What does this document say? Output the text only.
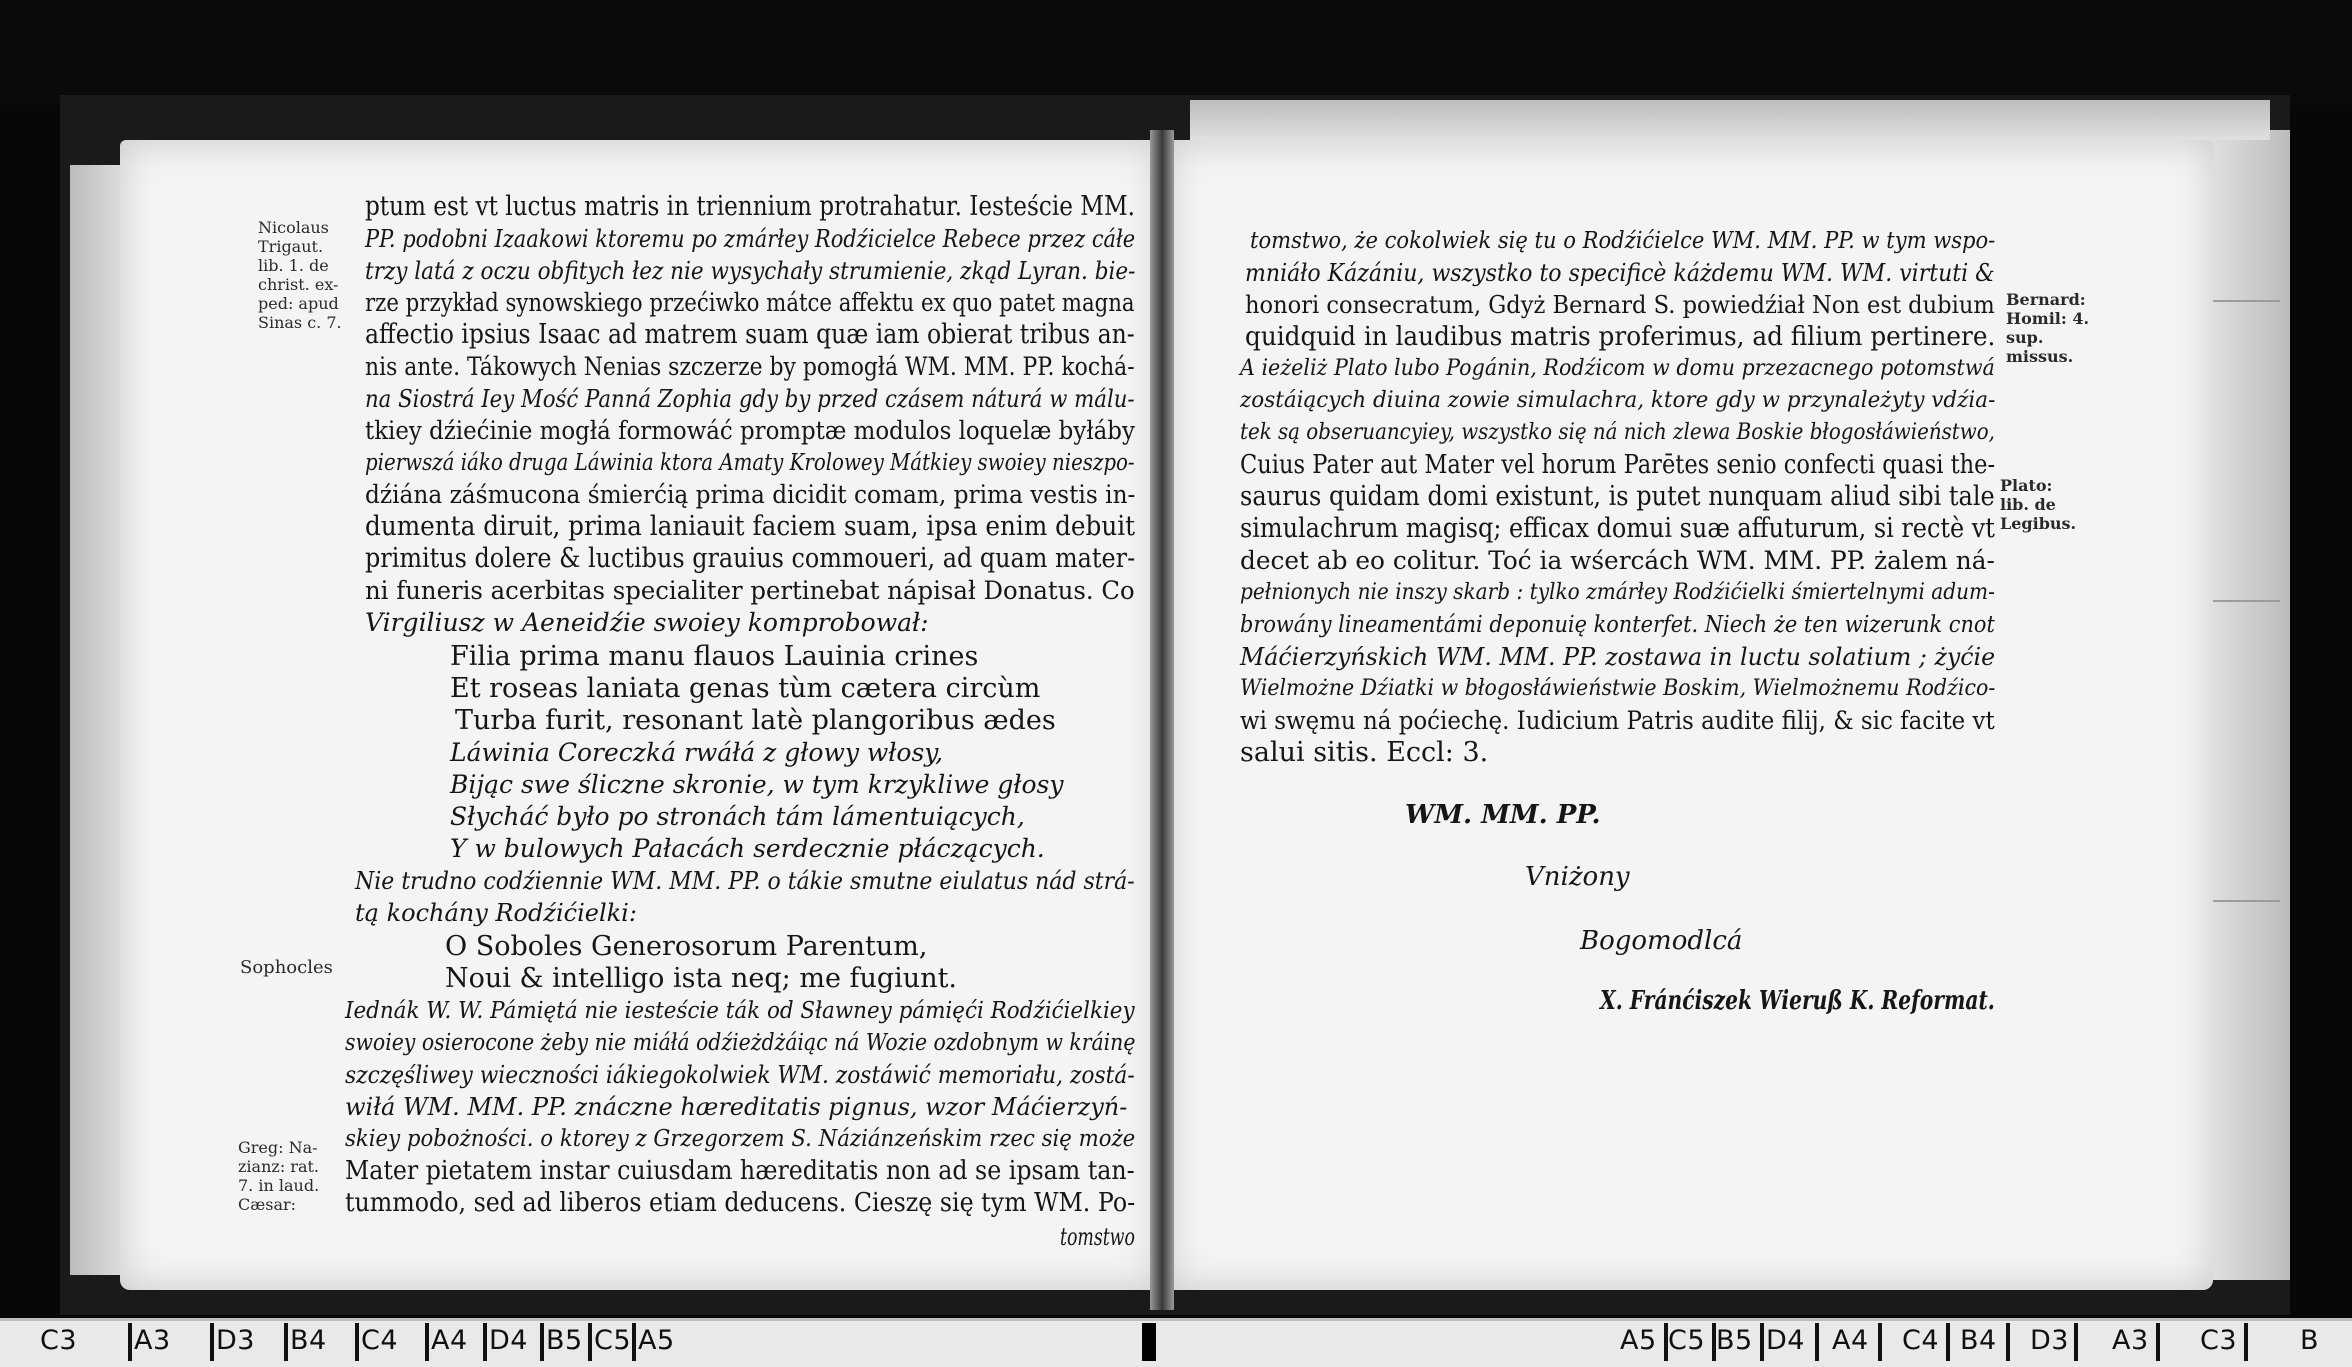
Nicolaus
Trigaut.
lib. 1. de
christ. ex-
ped: apud
Sinas c. 7.
Sophocles
Greg: Na-
zianz: rat.
7. in laud.
Cæsar:
ptum est vt luctus matris in triennium protrahatur. Iesteście MM.
PP. podobni Izaakowi ktoremu po zmárłey Rodźicielce Rebece przez cáłe
trzy latá z oczu obfitych łez nie wysychały strumienie, zkąd Lyran. bie-
rze przykład synowskiego przećiwko mátce affektu ex quo patet magna
affectio ipsius Isaac ad matrem suam quæ iam obierat tribus an-
nis ante. Tákowych Nenias szczerze by pomogłá WM. MM. PP. kochá-
na Siostrá Iey Mość Panná Zophia gdy by przed czásem náturá w málu-
tkiey dźiećinie mogłá formowáć promptæ modulos loquelæ byłáby
pierwszá iáko druga Láwinia ktora Amaty Krolowey Mátkiey swoiey nieszpo-
dźiána záśmucona śmierćią prima dicidit comam, prima vestis in-
dumenta diruit, prima laniauit faciem suam, ipsa enim debuit
primitus dolere & luctibus grauius commoueri, ad quam mater-
ni funeris acerbitas specialiter pertinebat nápisał Donatus. Co
Virgiliusz w Aeneidźie swoiey komprobował:
Filia prima manu flauos Lauinia crines
Et roseas laniata genas tùm cætera circùm
Turba furit, resonant latè plangoribus ædes
Láwinia Coreczká rwáłá z głowy włosy,
Bijąc swe śliczne skronie, w tym krzykliwe głosy
Słycháć było po stronách tám lámentuiących,
Y w bulowych Pałacách serdecznie płáczących.
Nie trudno codźiennie WM. MM. PP. o tákie smutne eiulatus nád strá-
tą kochány Rodźićielki:
O Soboles Generosorum Parentum,
Noui & intelligo ista neq; me fugiunt.
Iednák W. W. Pámiętá nie iesteście ták od Sławney pámięći Rodźićielkiey
swoiey osierocone żeby nie miáłá odźieżdżáiąc ná Wozie ozdobnym w kráinę
szczęśliwey wieczności iákiegokolwiek WM. zostáwić memoriału, zostá-
wiłá WM. MM. PP. znáczne hæreditatis pignus, wzor Máćierzyń-
skiey pobożności. o ktorey z Grzegorzem S. Náziánzeńskim rzec się może
Mater pietatem instar cuiusdam hæreditatis non ad se ipsam tan-
tummodo, sed ad liberos etiam deducens. Cieszę się tym WM. Po-
tomstwo
Bernard:
Homil: 4.
sup.
missus.
Plato:
lib. de
Legibus.
tomstwo, że cokolwiek się tu o Rodźićielce WM. MM. PP. w tym wspo-
mniáło Kázániu, wszystko to specificè káżdemu WM. WM. virtuti &
honori consecratum, Gdyż Bernard S. powiedźiał Non est dubium
quidquid in laudibus matris proferimus, ad filium pertinere.
A ieżeliż Plato lubo Pogánin, Rodźicom w domu przezacnego potomstwá
zostáiących diuina zowie simulachra, ktore gdy w przynależyty vdźia-
tek są obseruancyiey, wszystko się ná nich zlewa Boskie błogosłáwieństwo,
Cuius Pater aut Mater vel horum Parētes senio confecti quasi the-
saurus quidam domi existunt, is putet nunquam aliud sibi tale
simulachrum magisq; efficax domui suæ affuturum, si rectè vt
decet ab eo colitur. Toć ia wśercách WM. MM. PP. żalem ná-
pełnionych nie inszy skarb : tylko zmárłey Rodźićielki śmiertelnymi adum-
browány lineamentámi deponuię konterfet. Niech że ten wizerunk cnot
Máćierzyńskich WM. MM. PP. zostawa in luctu solatium ; żyćie
Wielmożne Dźiatki w błogosłáwieństwie Boskim, Wielmożnemu Rodźico-
wi swęmu ná poćiechę. Iudicium Patris audite filij, & sic facite vt
salui sitis. Eccl: 3.
WM. MM. PP.
Vniżony
Bogomodlcá
X. Fránćiszek Wieruß K. Reformat.
C3 A3 D3 B4 C4 A4 D4 B5 C5 A5	A5 C5 B5 D4 A4 C4 B4 D3 A3 C3 B
